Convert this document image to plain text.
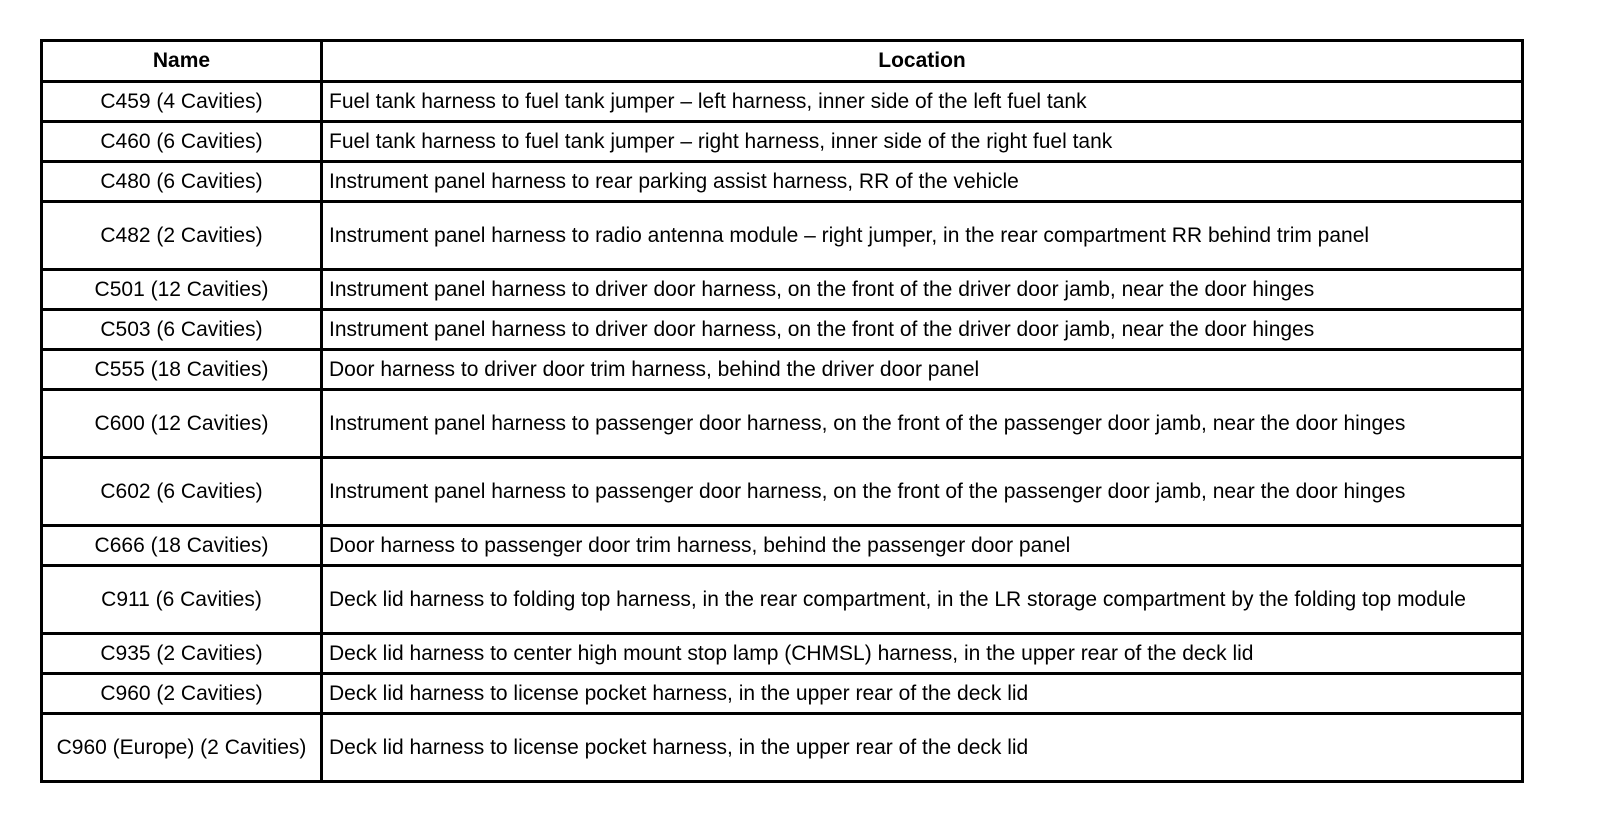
Name	Location
C459 (4 Cavities)	Fuel tank harness to fuel tank jumper – left harness, inner side of the left fuel tank
C460 (6 Cavities)	Fuel tank harness to fuel tank jumper – right harness, inner side of the right fuel tank
C480 (6 Cavities)	Instrument panel harness to rear parking assist harness, RR of the vehicle
C482 (2 Cavities)	Instrument panel harness to radio antenna module – right jumper, in the rear compartment RR behind trim panel
C501 (12 Cavities)	Instrument panel harness to driver door harness, on the front of the driver door jamb, near the door hinges
C503 (6 Cavities)	Instrument panel harness to driver door harness, on the front of the driver door jamb, near the door hinges
C555 (18 Cavities)	Door harness to driver door trim harness, behind the driver door panel
C600 (12 Cavities)	Instrument panel harness to passenger door harness, on the front of the passenger door jamb, near the door hinges
C602 (6 Cavities)	Instrument panel harness to passenger door harness, on the front of the passenger door jamb, near the door hinges
C666 (18 Cavities)	Door harness to passenger door trim harness, behind the passenger door panel
C911 (6 Cavities)	Deck lid harness to folding top harness, in the rear compartment, in the LR storage compartment by the folding top module
C935 (2 Cavities)	Deck lid harness to center high mount stop lamp (CHMSL) harness, in the upper rear of the deck lid
C960 (2 Cavities)	Deck lid harness to license pocket harness, in the upper rear of the deck lid
C960 (Europe) (2 Cavities)	Deck lid harness to license pocket harness, in the upper rear of the deck lid
